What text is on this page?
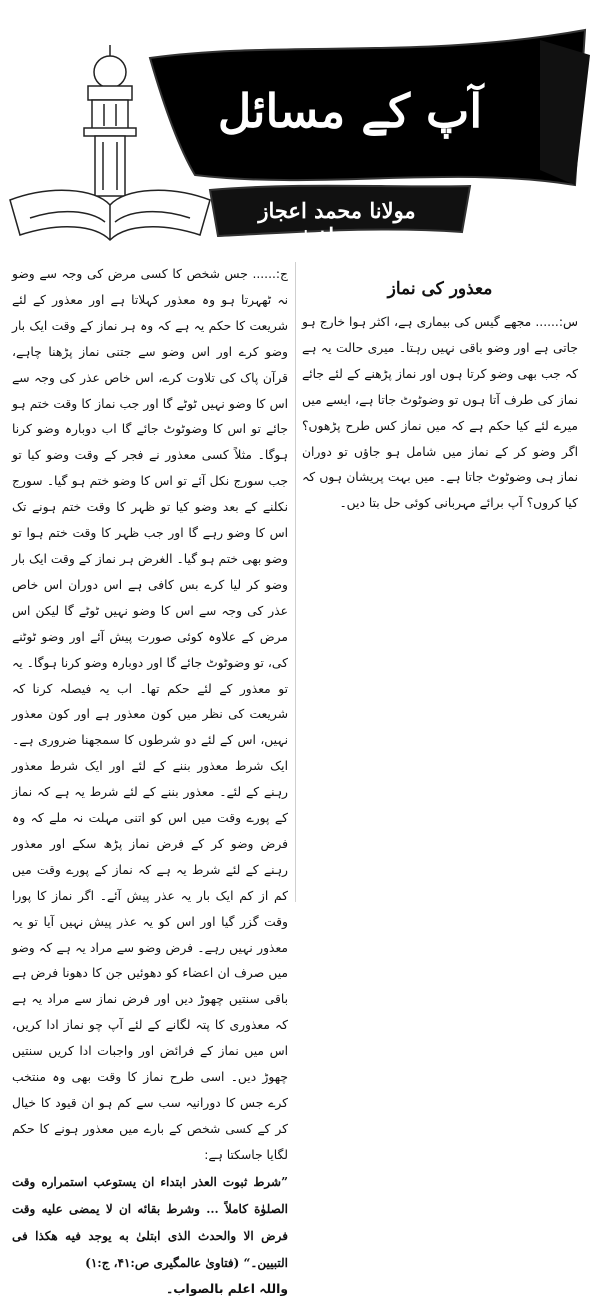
آپ کے مسائل
مولانا محمد اعجاز مصطفیٰ
معذور کی نماز

س:...... مجھے گیس کی بیماری ہے، اکثر ہوا خارج ہو جاتی ہے اور وضو باقی نہیں رہتا۔ میری حالت یہ ہے کہ جب بھی وضو کرتا ہوں اور نماز پڑھنے کے لئے جائے نماز کی طرف آتا ہوں تو وضوٹوٹ جاتا ہے، ایسے میں میرے لئے کیا حکم ہے کہ میں نماز کس طرح پڑھوں؟ اگر وضو کر کے نماز میں شامل ہو جاؤں تو دوران نماز ہی وضوٹوٹ جاتا ہے۔ میں بہت پریشان ہوں کہ کیا کروں؟ آپ برائے مہربانی کوئی حل بتا دیں۔

ج:...... جس شخص کا کسی مرض کی وجہ سے وضو نہ ٹھہرتا ہو وہ معذور کہلاتا ہے اور معذور کے لئے شریعت کا حکم یہ ہے کہ وہ ہر نماز کے وقت ایک بار وضو کرے اور اس وضو سے جتنی نماز پڑھنا چاہے، قرآن پاک کی تلاوت کرے، اس خاص عذر کی وجہ سے اس کا وضو نہیں ٹوٹے گا اور جب نماز کا وقت ختم ہو جائے تو اس کا وضوٹوٹ جائے گا اب دوبارہ وضو کرنا ہوگا۔ مثلاً کسی معذور نے فجر کے وقت وضو کیا تو جب سورج نکل آئے تو اس کا وضو ختم ہو گیا۔ سورج نکلنے کے بعد وضو کیا تو ظہر کا وقت ختم ہونے تک اس کا وضو رہے گا اور جب ظہر کا وقت ختم ہوا تو وضو بھی ختم ہو گیا۔ الغرض ہر نماز کے وقت ایک بار وضو کر لیا کرے بس کافی ہے اس دوران اس خاص عذر کی وجہ سے اس کا وضو نہیں ٹوٹے گا لیکن اس مرض کے علاوہ کوئی صورت پیش آئے اور وضو ٹوٹنے کی، تو وضوٹوٹ جائے گا اور دوبارہ وضو کرنا ہوگا۔ یہ تو معذور کے لئے حکم تھا۔ اب یہ فیصلہ کرنا کہ شریعت کی نظر میں کون معذور ہے اور کون معذور نہیں، اس کے لئے دو شرطوں کا سمجھنا ضروری ہے۔ ایک شرط معذور بننے کے لئے اور ایک شرط معذور رہنے کے لئے۔ معذور بننے کے لئے شرط یہ ہے کہ نماز کے پورے وقت میں اس کو اتنی مہلت نہ ملے کہ وہ فرض وضو کر کے فرض نماز پڑھ سکے اور معذور رہنے کے لئے شرط یہ ہے کہ نماز کے پورے وقت میں کم از کم ایک بار یہ عذر پیش آئے۔ اگر نماز کا پورا وقت گزر گیا اور اس کو یہ عذر پیش نہیں آیا تو یہ معذور نہیں رہے۔ فرض وضو سے مراد یہ ہے کہ وضو میں صرف ان اعضاء کو دھوئیں جن کا دھونا فرض ہے باقی سنتیں چھوڑ دیں اور فرض نماز سے مراد یہ ہے کہ معذوری کا پتہ لگانے کے لئے آپ چو نماز ادا کریں، اس میں نماز کے فرائض اور واجبات ادا کریں سنتیں چھوڑ دیں۔ اسی طرح نماز کا وقت بھی وہ منتخب کرے جس کا دورانیہ سب سے کم ہو ان قیود کا خیال کر کے کسی شخص کے بارے میں معذور ہونے کا حکم لگایا جاسکتا ہے:

”شرط ثبوت العذر ابتداء ان يستوعب استمراره وقت الصلوٰة كاملاً ... وشرط بقائه ان لا يمضى عليه وقت فرض الا والحدث الذى ابتلىٰ به يوجد فيه هكذا فى التبيين۔“ (فتاویٰ عالمگیری ص:۴۱، ج:۱)

واللہ اعلم بالصواب۔
